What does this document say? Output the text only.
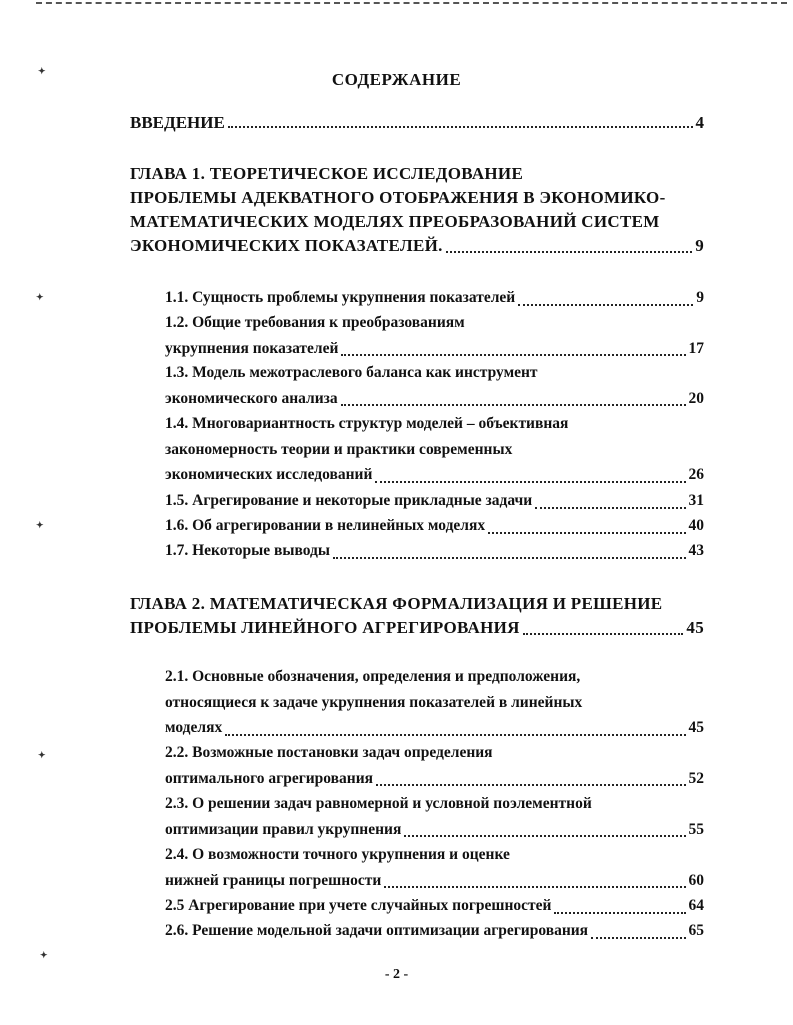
✦
✦
✦
✦
✦
СОДЕРЖАНИЕ
ВВЕДЕНИЕ	4
ГЛАВА 1. ТЕОРЕТИЧЕСКОЕ ИССЛЕДОВАНИЕ
ПРОБЛЕМЫ АДЕКВАТНОГО ОТОБРАЖЕНИЯ В ЭКОНОМИКО-
МАТЕМАТИЧЕСКИХ МОДЕЛЯХ ПРЕОБРАЗОВАНИЙ СИСТЕМ
ЭКОНОМИЧЕСКИХ ПОКАЗАТЕЛЕЙ.	9
1.1. Сущность проблемы укрупнения показателей	9
1.2. Общие требования к преобразованиям
укрупнения показателей	17
1.3. Модель межотраслевого баланса как инструмент
экономического анализа	20
1.4. Многовариантность структур моделей – объективная
закономерность теории и практики современных
экономических исследований	26
1.5. Агрегирование и некоторые прикладные задачи	31
1.6. Об агрегировании в нелинейных моделях	40
1.7. Некоторые выводы	43
ГЛАВА 2. МАТЕМАТИЧЕСКАЯ ФОРМАЛИЗАЦИЯ И РЕШЕНИЕ
ПРОБЛЕМЫ ЛИНЕЙНОГО АГРЕГИРОВАНИЯ	45
2.1. Основные обозначения, определения и предположения,
относящиеся к задаче укрупнения показателей в линейных
моделях	45
2.2. Возможные постановки задач определения
оптимального агрегирования	52
2.3. О решении задач равномерной и условной поэлементной
оптимизации правил укрупнения	55
2.4. О возможности точного укрупнения и оценке
нижней границы погрешности	60
2.5 Агрегирование при учете случайных погрешностей	64
2.6. Решение модельной задачи оптимизации агрегирования	65
- 2 -
